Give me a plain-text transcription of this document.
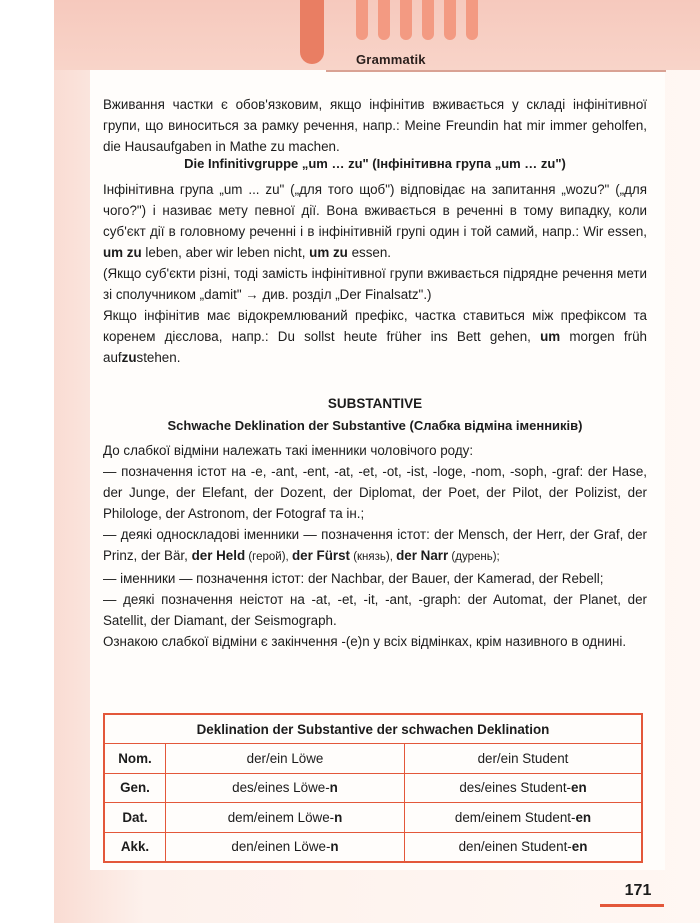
Grammatik

Вживання частки є обов'язковим, якщо інфінітив вживається у складі інфінітивної групи, що виноситься за рамку речення, напр.: Meine Freundin hat mir immer geholfen, die Hausaufgaben in Mathe zu machen.

Die Infinitivgruppe „um … zu" (Інфінітивна група „um … zu")

Інфінітивна група „um ... zu" („для того щоб") відповідає на запитання „wozu?" („для чого?") і називає мету певної дії. Вона вживається в реченні в тому випадку, коли суб'єкт дії в головному реченні і в інфінітивній групі один і той самий, напр.: Wir essen, um zu leben, aber wir leben nicht, um zu essen.

(Якщо суб'єкти різні, тоді замість інфінітивної групи вживається підрядне речення мети зі сполучником „damit" → див. розділ „Der Finalsatz".)

Якщо інфінітив має відокремлюваний префікс, частка ставиться між префіксом та коренем дієслова, напр.: Du sollst heute früher ins Bett gehen, um morgen früh aufzustehen.

SUBSTANTIVE
Schwache Deklination der Substantive (Слабка відміна іменників)

До слабкої відміни належать такі іменники чоловічого роду:

— позначення істот на -e, -ant, -ent, -at, -et, -ot, -ist, -loge, -nom, -soph, -graf: der Hase, der Junge, der Elefant, der Dozent, der Diplomat, der Poet, der Pilot, der Polizist, der Philologe, der Astronom, der Fotograf та ін.;

— деякі односкладові іменники — позначення істот: der Mensch, der Herr, der Graf, der Prinz, der Bär, der Held (герой), der Fürst (князь), der Narr (дурень);

— іменники — позначення істот: der Nachbar, der Bauer, der Kamerad, der Rebell;

— деякі позначення неістот на -at, -et, -it, -ant, -graph: der Automat, der Planet, der Satellit, der Diamant, der Seismograph.

Ознакою слабкої відміни є закінчення -(e)n у всіх відмінках, крім називного в однині.

Deklination der Substantive der schwachen Deklination		
Nom.	der/ein Löwe	der/ein Student
Gen.	des/eines Löwe-n	des/eines Student-en
Dat.	dem/einem Löwe-n	dem/einem Student-en
Akk.	den/einen Löwe-n	den/einen Student-en
171
